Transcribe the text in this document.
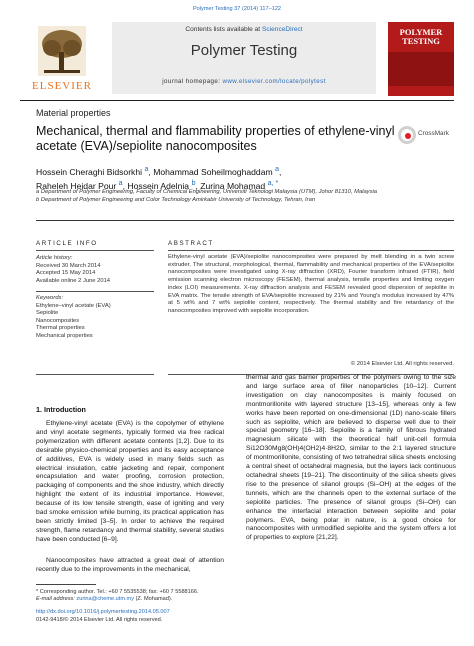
Polymer Testing 37 (2014) 117–122
ELSEVIER
Contents lists available at ScienceDirect
Polymer Testing
journal homepage: www.elsevier.com/locate/polytest
POLYMER TESTING
Material properties
Mechanical, thermal and flammability properties of ethylene-vinyl acetate (EVA)/sepiolite nanocomposites
CrossMark
Hossein Cheraghi Bidsorkhi $^a$, Mohammad Soheilmoghaddam $^a$,
Raheleh Heidar Pour $^a$, Hossein Adelnia $^b$, Zurina Mohamad $^{a, *}$
a Department of Polymer Engineering, Faculty of Chemical Engineering, Universiti Teknologi Malaysia (UTM), Johor 81310, Malaysia
b Department of Polymer Engineering and Color Technology Amirkabir University of Technology, Tehran, Iran
ARTICLE INFO
Article history:
Received 30 March 2014
Accepted 15 May 2014
Available online 2 June 2014
Keywords:
Ethylene–vinyl acetate (EVA)
Sepiolite
Nanocomposites
Thermal properties
Mechanical properties
ABSTRACT
Ethylene-vinyl acetate (EVA)/sepiolite nanocomposites were prepared by melt blending in a twin screw extruder. The structural, morphological, thermal, flammability and mechanical properties of the EVA/sepiolite nanocomposites were investigated using X-ray diffraction (XRD), Fourier transform infrared (FTIR), field emission scanning electron microscopy (FESEM), thermal analysis, tensile properties and limiting oxygen index (LOI) measurements. X-ray diffraction analysis and FESEM revealed good dispersion of sepiolite in EVA matrix. The tensile strength of EVA/sepiolite increased by 21% and Young's modulus increased by 47% at 5 wt% and 7 wt% sepiolite content, respectively. The thermal stability and fire retardancy of the nanocomposites improved with sepiolite incorporation.
© 2014 Elsevier Ltd. All rights reserved.
1. Introduction
Ethylene-vinyl acetate (EVA) is the copolymer of ethylene and vinyl acetate segments, typically formed via free radical polymerization with different acetate contents [1,2]. Due to its desirable physico-chemical properties and its easy acceptance of additives, EVA is widely used in many fields such as electrical insulation, cable jacketing and repair, component encapsulation and water proofing, corrosion protection, packaging of components and the shoe industry, which directly highlight the extent of its industrial importance. However, because of its low tensile strength, ease of igniting and very bad smoke emission while burning, its practical application has been strictly limited [3–5]. In order to achieve the required strength, flame retardancy and thermal stability, several studies have been conducted [6–9].
Nanocomposites have attracted a great deal of attention recently due to the improvements in the mechanical,
thermal and gas barrier properties of the polymers owing to the size and large surface area of filler nanoparticles [10–12]. Current investigation on clay nanocomposites is mainly focused on montmorillonite with layered structure [13–15], whereas only a few works have been reported on one-dimensional (1D) nano-scale fillers such as sepiolite, which are believed to disperse well due to their special geometry [16–18]. Sepiolite is a family of fibrous hydrated magnesium silicate with the theoretical half unit-cell formula Si12O30Mg8(OH)4(OH2)4·8H2O, similar to the 2:1 layered structure of montmorillonite, consisting of two tetrahedral silica sheets enclosing a central sheet of octahedral magnesia, but the layers lack continuous octahedral sheets [19–21]. The discontinuity of the silica sheets gives rise to the presence of silanol groups (Si–OH) at the edges of the tunnels, which are the channels open to the external surface of the sepiolite particles. The presence of silanol groups (Si–OH) can enhance the interfacial interaction between sepiolite and polar polymers. EVA, being polar in nature, is a good choice for nanocomposites with unmodified sepiolite and the system offers a lot of properties to explore [21,22].
* Corresponding author. Tel.: +60 7 5535538; fax: +60 7 5588166.
E-mail address: zurina@cheme.utm.my (Z. Mohamad).
http://dx.doi.org/10.1016/j.polymertesting.2014.05.007
0142-9418/© 2014 Elsevier Ltd. All rights reserved.
